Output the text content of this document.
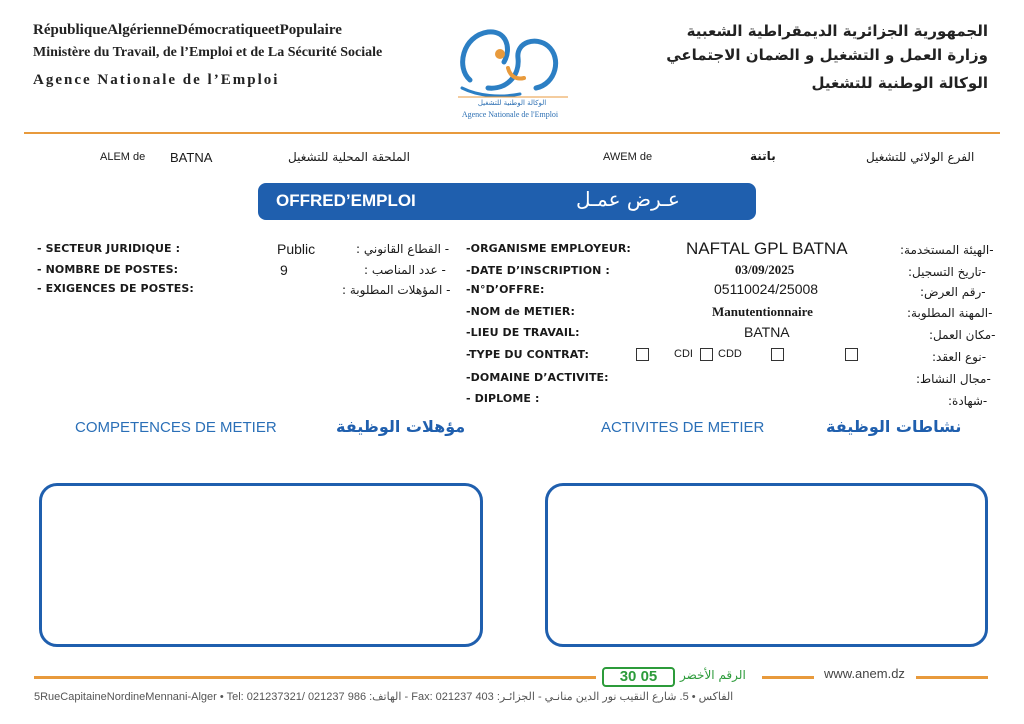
RépubliqueAlgérienneDémocratiqueetPopulaire
Ministère du Travail, de l’Emploi et de La Sécurité Sociale
Agence Nationale de l’Emploi
الوكالة الوطنية للتشغيل
Agence Nationale de l'Emploi
الجمهورية الجزائرية الديمقراطية الشعبية
وزارة العمل و التشغيل و الضمان الاجتماعي
الوكالة الوطنية للتشغيل
ALEM de BATNA	الملحقة المحلية للتشغيل	AWEM de	باتنة	الفرع الولائي للتشغيل
OFFRED’EMPLOI	عـرض عمـل
- SECTEUR JURIDIQUE :	Public	- القطاع القانوني :
- NOMBRE DE POSTES:	9	- عدد المناصب :
- EXIGENCES DE POSTES:	- المؤهلات المطلوبة :
-ORGANISME EMPLOYEUR:	NAFTAL GPL BATNA	-الهيئة المستخدمة:
-DATE D’INSCRIPTION :	03/09/2025	-تاريخ التسجيل:
-N°D’OFFRE:	05110024/25008	-رقم العرض:
-NOM de METIER:	Manutentionnaire	-المهنة المطلوبة:
-LIEU DE TRAVAIL:	BATNA	-مكان العمل:
-TYPE DU CONTRAT:	CDI CDD	-نوع العقد:
-DOMAINE D’ACTIVITE:	-مجال النشاط:
- DIPLOME :	-شهادة:
COMPETENCES DE METIER	مؤهلات الوظيفة	ACTIVITES DE METIER	نشاطات الوظيفة
30 05	الرقم الأخضر	www.anem.dz
5RueCapitaineNordineMennani-Alger • Tel: 021237321/ 021237 986 :الهاتف - Fax: 021237 403 :الفاكس • 5. شارع النقيب نور الدين منانـي - الجزائـر
